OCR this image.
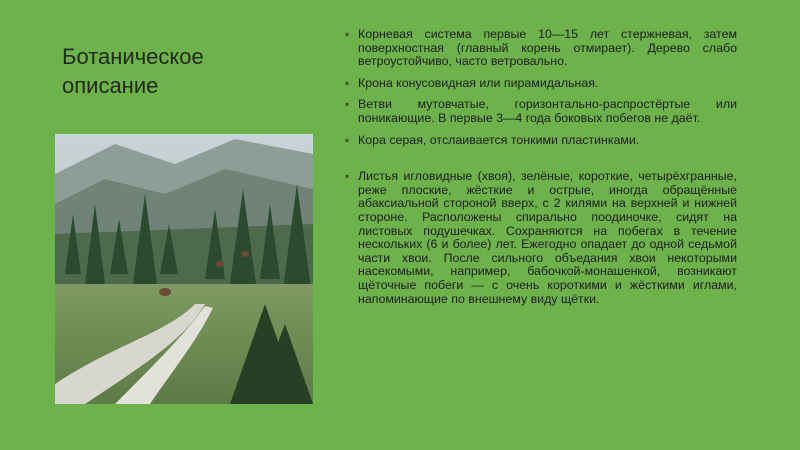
Ботаническое описание
▪ Корневая система первые 10—15 лет стержневая, затем поверхностная (главный корень отмирает). Дерево слабо ветроустойчиво, часто ветровально.
▪ Крона конусовидная или пирамидальная.
▪ Ветви мутовчатые, горизонтально-распростёртые или поникающие. В первые 3—4 года боковых побегов не даёт.
▪ Кора серая, отслаивается тонкими пластинками.
▪ Листья игловидные (хвоя), зелёные, короткие, четырёхгранные, реже плоские, жёсткие и острые, иногда обращённые абаксиальной стороной вверх, с 2 килями на верхней и нижней стороне. Расположены спирально поодиночке, сидят на листовых подушечках. Сохраняются на побегах в течение нескольких (6 и более) лет. Ежегодно опадает до одной седьмой части хвои. После сильного объедания хвои некоторыми насекомыми, например, бабочкой-монашенкой, возникают щёточные побеги — с очень короткими и жёсткими иглами, напоминающие по внешнему виду щётки.
